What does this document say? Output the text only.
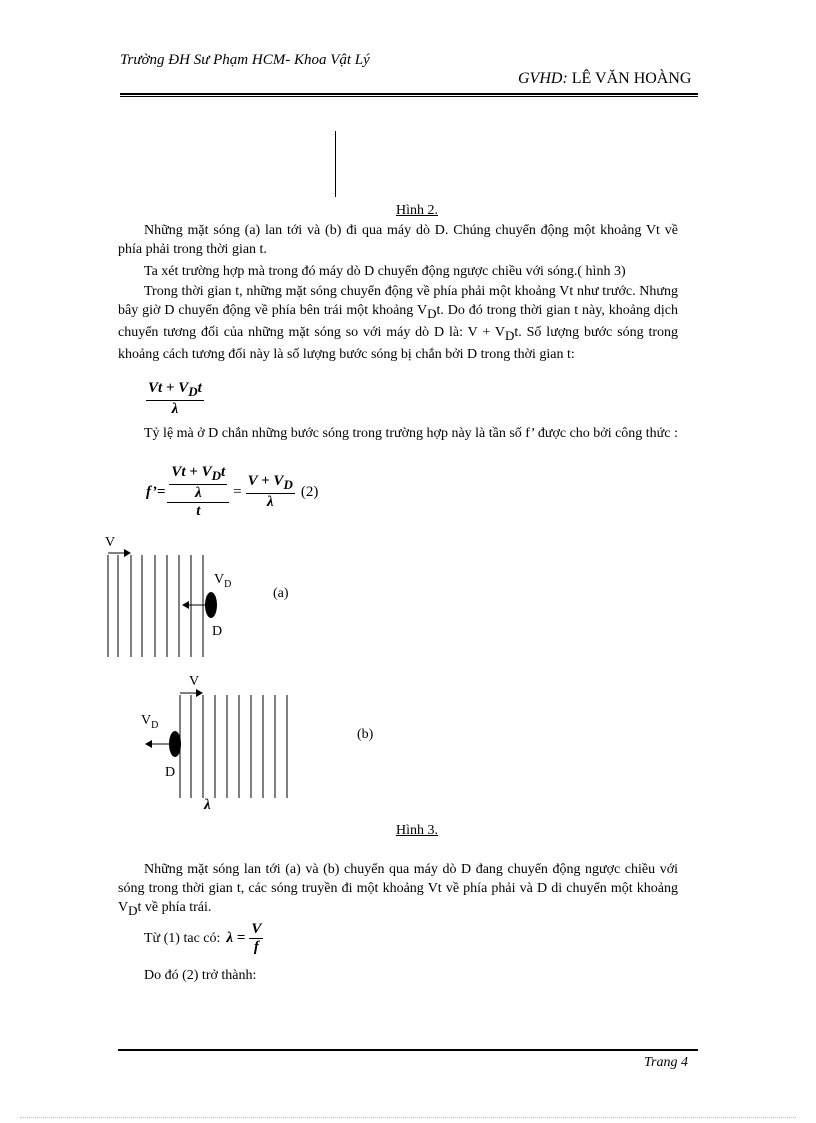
Trường ĐH Sư Phạm HCM- Khoa Vật Lý
GVHD: LÊ VĂN HOÀNG
Hình 2.
Những mặt sóng (a) lan tới và (b) đi qua máy dò D. Chúng chuyển động một khoảng Vt về phía phải trong thời gian t.
Ta xét trường hợp mà trong đó máy dò D chuyển động ngược chiều với sóng.( hình 3)
Trong thời gian t, những mặt sóng chuyển động về phía phải một khoảng Vt như trước. Nhưng bây giờ D chuyển động về phía bên trái một khoảng $V_Dt$. Do đó trong thời gian t này, khoảng dịch chuyển tương đối của những mặt sóng so với máy dò D là: $V + V_Dt$. Số lượng bước sóng trong khoảng cách tương đối này là số lượng bước sóng bị chắn bởi D trong thời gian t:
$\frac{Vt + V_Dt}{\lambda}$
Tỷ lệ mà ở D chắn những bước sóng trong trường hợp này là tần số f’ được cho bởi công thức :
f’= $\frac{\frac{Vt + V_Dt}{\lambda}}{t} = \frac{V + V_D}{\lambda} (2)$
V
$V_D$
D
(a)
V
$V_D$
D
(b)
λ
Hình 3.
Những mặt sóng lan tới (a) và (b) chuyển qua máy dò D đang chuyển động ngược chiều với sóng trong thời gian t, các sóng truyền đi một khoảng Vt về phía phải và D di chuyển một khoảng $V_Dt$ về phía trái.
Từ (1) tac có: $\lambda = \frac{V}{f}$
Do đó (2) trở thành:
Trang 4
